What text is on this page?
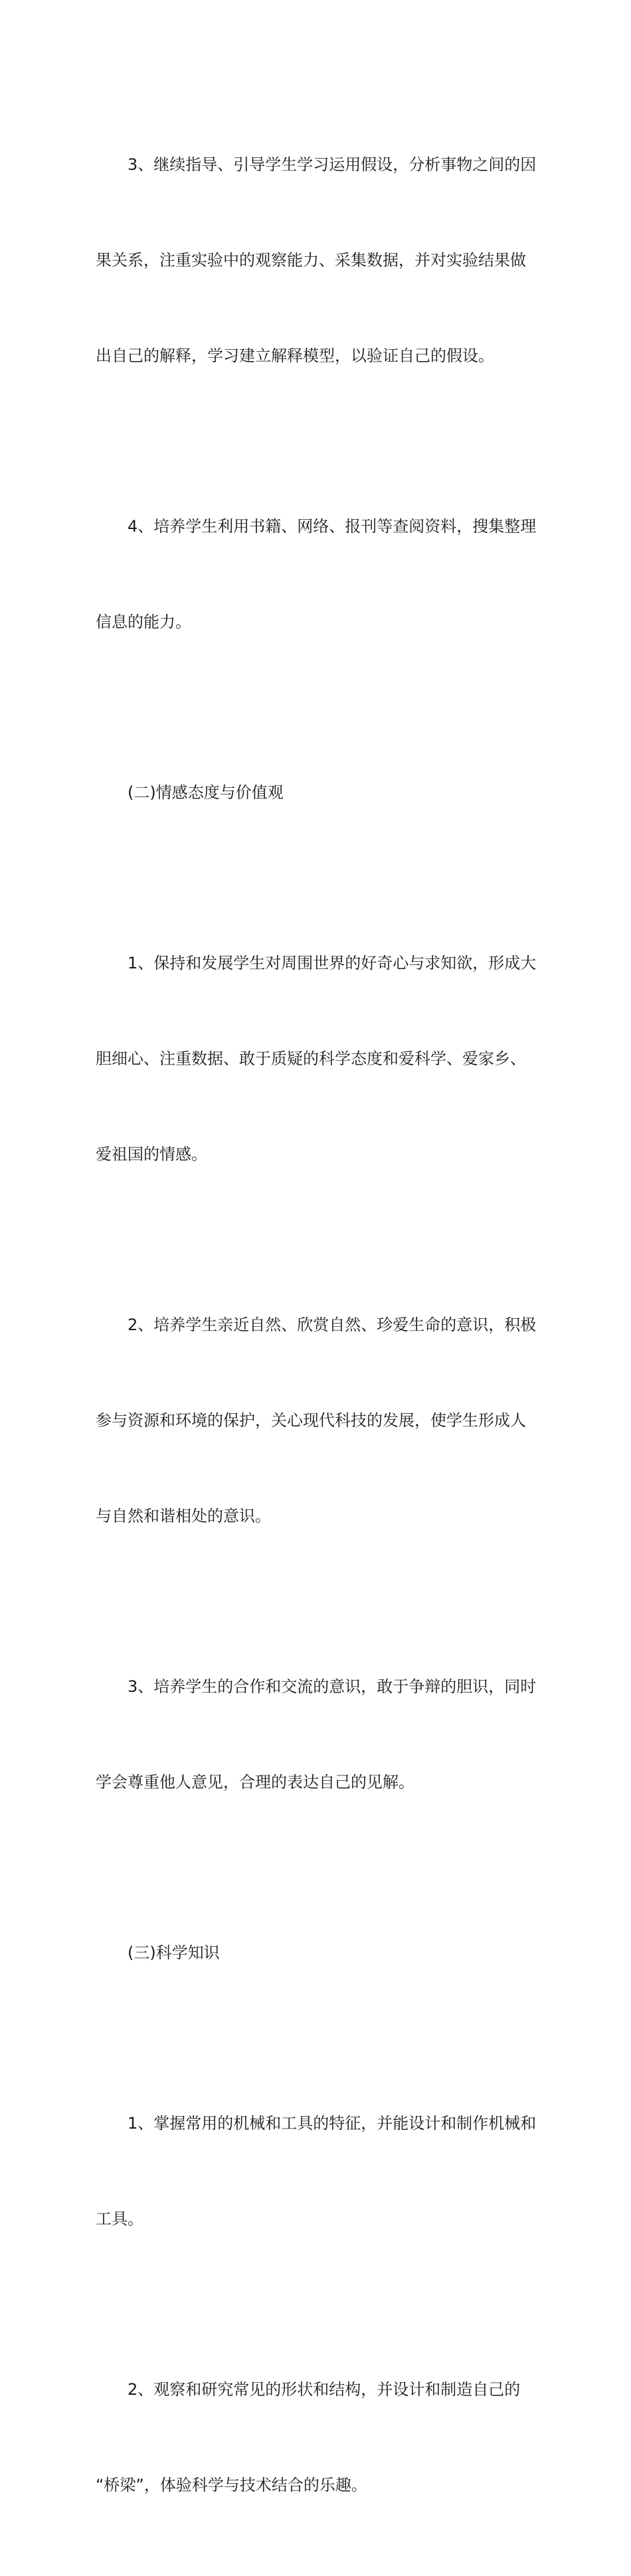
3、继续指导、引导学生学习运用假设，分析事物之间的因

果关系，注重实验中的观察能力、采集数据，并对实验结果做

出自己的解释，学习建立解释模型，以验证自己的假设。

4、培养学生利用书籍、网络、报刊等查阅资料，搜集整理

信息的能力。

(二)情感态度与价值观

1、保持和发展学生对周围世界的好奇心与求知欲，形成大

胆细心、注重数据、敢于质疑的科学态度和爱科学、爱家乡、

爱祖国的情感。

2、培养学生亲近自然、欣赏自然、珍爱生命的意识，积极

参与资源和环境的保护，关心现代科技的发展，使学生形成人

与自然和谐相处的意识。

3、培养学生的合作和交流的意识，敢于争辩的胆识，同时

学会尊重他人意见，合理的表达自己的见解。

(三)科学知识

1、掌握常用的机械和工具的特征，并能设计和制作机械和

工具。

2、观察和研究常见的形状和结构，并设计和制造自己的

“桥梁”，体验科学与技术结合的乐趣。
